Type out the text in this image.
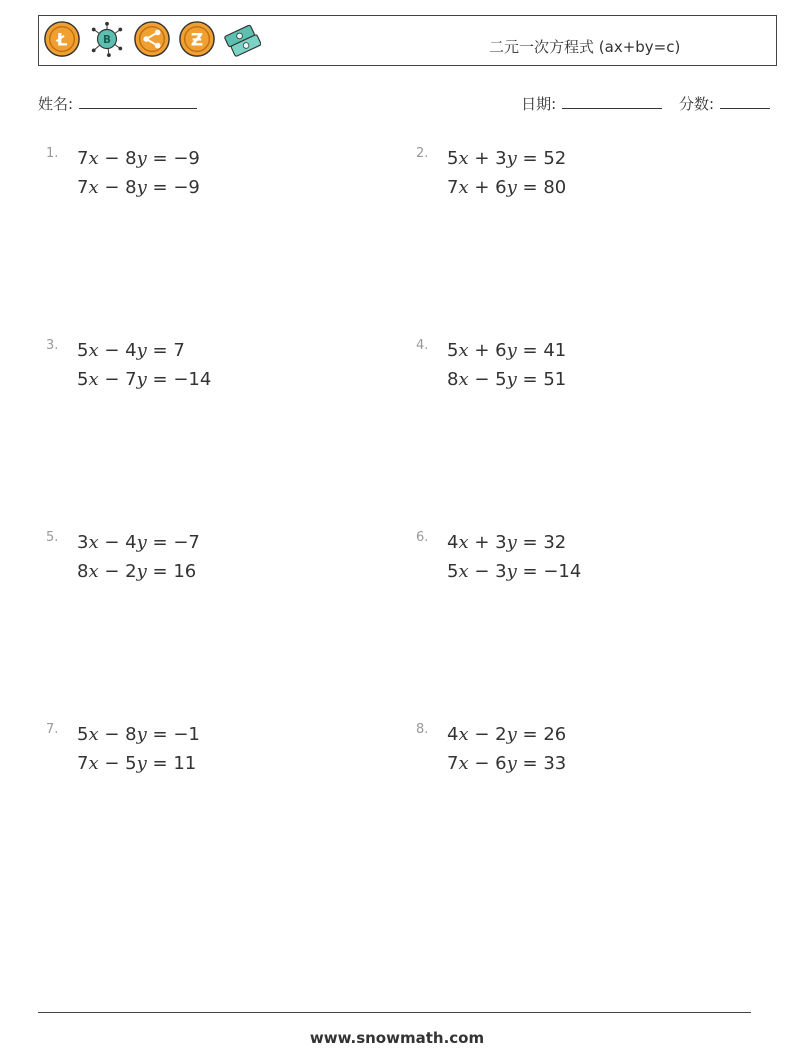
Ł	B	Ƶ	二元一次方程式 (ax+by=c)
姓名:	日期:	分数:
1. 7x − 8y = −9
7x − 8y = −9
2. 5x + 3y = 52
7x + 6y = 80
3. 5x − 4y = 7
5x − 7y = −14
4. 5x + 6y = 41
8x − 5y = 51
5. 3x − 4y = −7
8x − 2y = 16
6. 4x + 3y = 32
5x − 3y = −14
7. 5x − 8y = −1
7x − 5y = 11
8. 4x − 2y = 26
7x − 6y = 33
www.snowmath.com
